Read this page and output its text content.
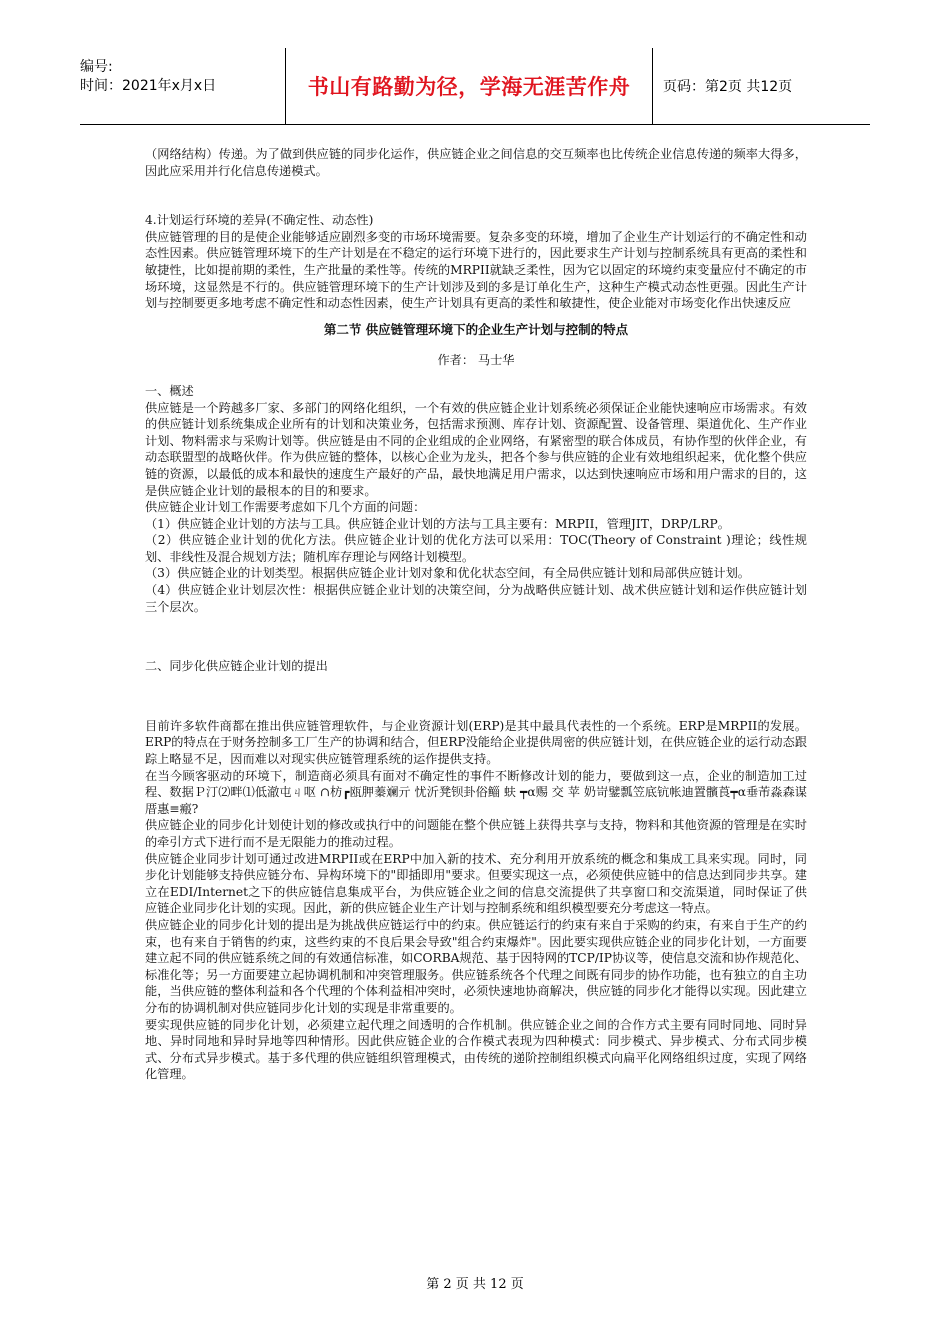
编号:
时间：2021年x月x日	书山有路勤为径，学海无涯苦作舟	页码：第2页 共12页

（网络结构）传递。为了做到供应链的同步化运作，供应链企业之间信息的交互频率也比传统企业信息传递的频率大得多，因此应采用并行化信息传递模式。

4.计划运行环境的差异(不确定性、动态性)

供应链管理的目的是使企业能够适应剧烈多变的市场环境需要。复杂多变的环境，增加了企业生产计划运行的不确定性和动态性因素。供应链管理环境下的生产计划是在不稳定的运行环境下进行的，因此要求生产计划与控制系统具有更高的柔性和敏捷性，比如提前期的柔性，生产批量的柔性等。传统的MRPII就缺乏柔性，因为它以固定的环境约束变量应付不确定的市场环境，这显然是不行的。供应链管理环境下的生产计划涉及到的多是订单化生产，这种生产模式动态性更强。因此生产计划与控制要更多地考虑不确定性和动态性因素，使生产计划具有更高的柔性和敏捷性，使企业能对市场变化作出快速反应

第二节 供应链管理环境下的企业生产计划与控制的特点

作者： 马士华

一、概述

供应链是一个跨越多厂家、多部门的网络化组织，一个有效的供应链企业计划系统必须保证企业能快速响应市场需求。有效的供应链计划系统集成企业所有的计划和决策业务，包括需求预测、库存计划、资源配置、设备管理、渠道优化、生产作业计划、物料需求与采购计划等。供应链是由不同的企业组成的企业网络，有紧密型的联合体成员，有协作型的伙伴企业，有动态联盟型的战略伙伴。作为供应链的整体，以核心企业为龙头，把各个参与供应链的企业有效地组织起来，优化整个供应链的资源，以最低的成本和最快的速度生产最好的产品，最快地满足用户需求，以达到快速响应市场和用户需求的目的，这是供应链企业计划的最根本的目的和要求。

供应链企业计划工作需要考虑如下几个方面的问题：

（1）供应链企业计划的方法与工具。供应链企业计划的方法与工具主要有：MRPII，管理JIT，DRP/LRP。

（2）供应链企业计划的优化方法。供应链企业计划的优化方法可以采用：TOC(Theory of Constraint )理论；线性规划、非线性及混合规划方法；随机库存理论与网络计划模型。

（3）供应链企业的计划类型。根据供应链企业计划对象和优化状态空间，有全局供应链计划和局部供应链计划。

（4）供应链企业计划层次性：根据供应链企业计划的决策空间，分为战略供应链计划、战术供应链计划和运作供应链计划三个层次。

二、同步化供应链企业计划的提出

目前许多软件商都在推出供应链管理软件，与企业资源计划(ERP)是其中最具代表性的一个系统。ERP是MRPII的发展。ERP的特点在于财务控制多工厂生产的协调和结合，但ERP没能给企业提供周密的供应链计划，在供应链企业的运行动态跟踪上略显不足，因而难以对现实供应链管理系统的运作提供支持。

在当今顾客驱动的环境下，制造商必须具有面对不确定性的事件不断修改计划的能力，要做到这一点，企业的制造加工过程、数据Ｐ汀⑵畔⑴低澈屯ㄐ呕 ∩枋┏瓯胛蓁斓亓 忧沂凳钡卦俗鲻 蚨 ┯α赐 交 苹 奶岢鐾瓢笠底钪帐迪置髕莨┯α垂芾淼森谋厝惠≡瘢?

供应链企业的同步化计划使计划的修改或执行中的问题能在整个供应链上获得共享与支持，物料和其他资源的管理是在实时的牵引方式下进行而不是无限能力的推动过程。

供应链企业同步计划可通过改进MRPII或在ERP中加入新的技术、充分利用开放系统的概念和集成工具来实现。同时，同步化计划能够支持供应链分布、异构环境下的"即插即用"要求。但要实现这一点，必须使供应链中的信息达到同步共享。建立在EDI/Internet之下的供应链信息集成平台，为供应链企业之间的信息交流提供了共享窗口和交流渠道，同时保证了供应链企业同步化计划的实现。因此，新的供应链企业生产计划与控制系统和组织模型要充分考虑这一特点。

供应链企业的同步化计划的提出是为挑战供应链运行中的约束。供应链运行的约束有来自于采购的约束，有来自于生产的约束，也有来自于销售的约束，这些约束的不良后果会导致"组合约束爆炸"。因此要实现供应链企业的同步化计划，一方面要建立起不同的供应链系统之间的有效通信标准，如CORBA规范、基于因特网的TCP/IP协议等，使信息交流和协作规范化、标准化等；另一方面要建立起协调机制和冲突管理服务。供应链系统各个代理之间既有同步的协作功能，也有独立的自主功能，当供应链的整体利益和各个代理的个体利益相冲突时，必须快速地协商解决，供应链的同步化才能得以实现。因此建立分布的协调机制对供应链同步化计划的实现是非常重要的。

要实现供应链的同步化计划，必须建立起代理之间透明的合作机制。供应链企业之间的合作方式主要有同时同地、同时异地、异时同地和异时异地等四种情形。因此供应链企业的合作模式表现为四种模式：同步模式、异步模式、分布式同步模式、分布式异步模式。基于多代理的供应链组织管理模式，由传统的递阶控制组织模式向扁平化网络组织过度，实现了网络化管理。

第 2 页 共 12 页
